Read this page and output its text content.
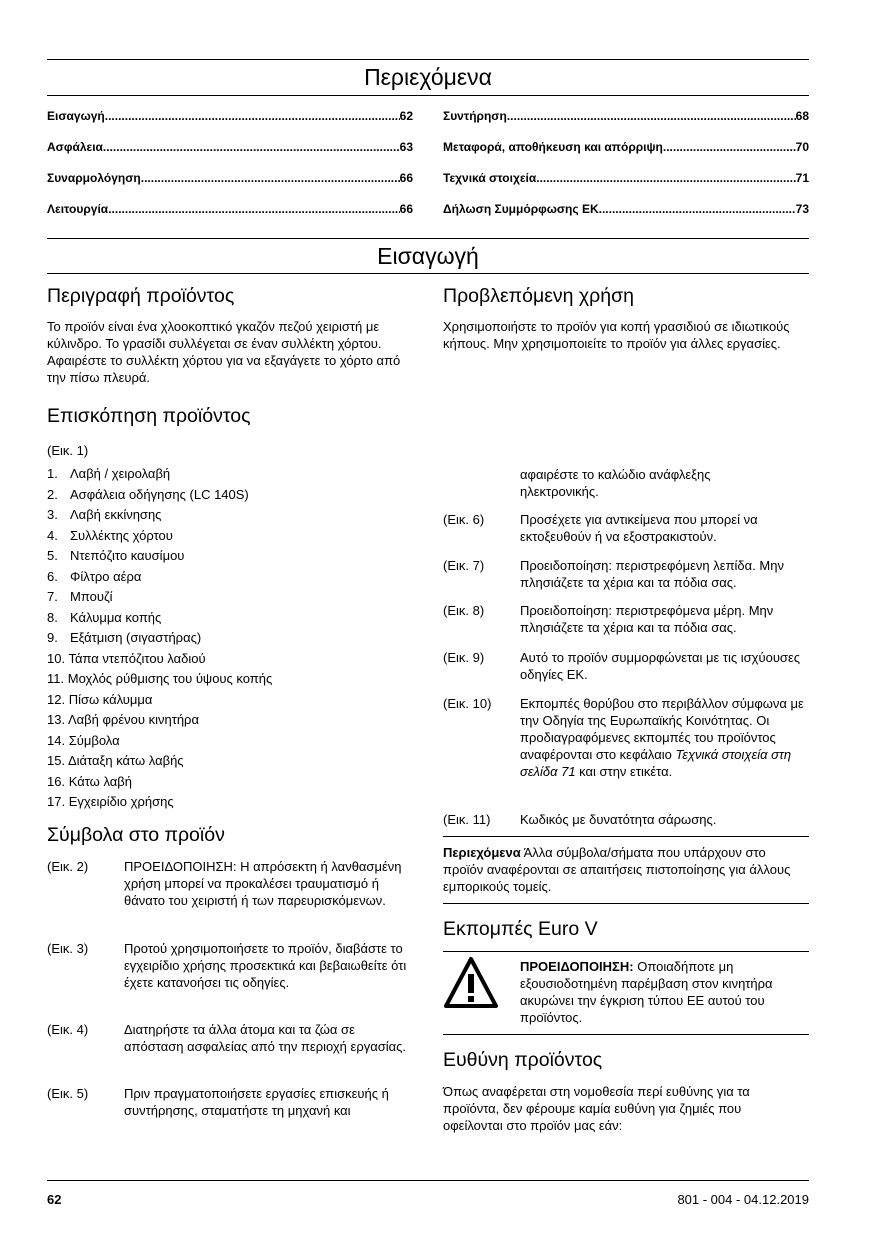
Περιεχόμενα
Εισαγωγή .....	62
Ασφάλεια .....	63
Συναρμολόγηση .....	66
Λειτουργία .....	66
Συντήρηση .....	68
Μεταφορά, αποθήκευση και απόρριψη .....	70
Τεχνικά στοιχεία .....	71
Δήλωση Συμμόρφωσης ΕΚ .....	73
Εισαγωγή
Περιγραφή προϊόντος

Το προϊόν είναι ένα χλοοκοπτικό γκαζόν πεζού χειριστή με κύλινδρο. Το γρασίδι συλλέγεται σε έναν συλλέκτη χόρτου. Αφαιρέστε το συλλέκτη χόρτου για να εξαγάγετε το χόρτο από την πίσω πλευρά.

Επισκόπηση προϊόντος
(Εικ. 1)
1. Λαβή / χειρολαβή
2. Ασφάλεια οδήγησης (LC 140S)
3. Λαβή εκκίνησης
4. Συλλέκτης χόρτου
5. Ντεπόζιτο καυσίμου
6. Φίλτρο αέρα
7. Μπουζί
8. Κάλυμμα κοπής
9. Εξάτμιση (σιγαστήρας)
10. Τάπα ντεπόζιτου λαδιού
11. Μοχλός ρύθμισης του ύψους κοπής
12. Πίσω κάλυμμα
13. Λαβή φρένου κινητήρα
14. Σύμβολα
15. Διάταξη κάτω λαβής
16. Κάτω λαβή
17. Εγχειρίδιο χρήσης
Σύμβολα στο προϊόν
(Εικ. 2)	ΠΡΟΕΙΔΟΠΟΙΗΣΗ: Η απρόσεκτη ή λανθασμένη χρήση μπορεί να προκαλέσει τραυματισμό ή θάνατο του χειριστή ή των παρευρισκόμενων.
(Εικ. 3)	Προτού χρησιμοποιήσετε το προϊόν, διαβάστε το εγχειρίδιο χρήσης προσεκτικά και βεβαιωθείτε ότι έχετε κατανοήσει τις οδηγίες.
(Εικ. 4)	Διατηρήστε τα άλλα άτομα και τα ζώα σε απόσταση ασφαλείας από την περιοχή εργασίας.
(Εικ. 5)	Πριν πραγματοποιήσετε εργασίες επισκευής ή συντήρησης, σταματήστε τη μηχανή και
Προβλεπόμενη χρήση

Χρησιμοποιήστε το προϊόν για κοπή γρασιδιού σε ιδιωτικούς κήπους. Μην χρησιμοποιείτε το προϊόν για άλλες εργασίες.

αφαιρέστε το καλώδιο ανάφλεξης ηλεκτρονικής.

(Εικ. 6)	Προσέχετε για αντικείμενα που μπορεί να εκτοξευθούν ή να εξοστρακιστούν.
(Εικ. 7)	Προειδοποίηση: περιστρεφόμενη λεπίδα. Μην πλησιάζετε τα χέρια και τα πόδια σας.
(Εικ. 8)	Προειδοποίηση: περιστρεφόμενα μέρη. Μην πλησιάζετε τα χέρια και τα πόδια σας.
(Εικ. 9)	Αυτό το προϊόν συμμορφώνεται με τις ισχύουσες οδηγίες ΕΚ.
(Εικ. 10) Εκπομπές θορύβου στο περιβάλλον σύμφωνα με την Οδηγία της Ευρωπαϊκής Κοινότητας. Οι προδιαγραφόμενες εκπομπές του προϊόντος αναφέρονται στο κεφάλαιο Τεχνικά στοιχεία στη σελίδα 71 και στην ετικέτα.
(Εικ. 11) Κωδικός με δυνατότητα σάρωσης.

Περιεχόμενα Άλλα σύμβολα/σήματα που υπάρχουν στο προϊόν αναφέρονται σε απαιτήσεις πιστοποίησης για άλλους εμπορικούς τομείς.

Εκπομπές Euro V

ΠΡΟΕΙΔΟΠΟΙΗΣΗ: Οποιαδήποτε μη εξουσιοδοτημένη παρέμβαση στον κινητήρα ακυρώνει την έγκριση τύπου ΕΕ αυτού του προϊόντος.

Ευθύνη προϊόντος

Όπως αναφέρεται στη νομοθεσία περί ευθύνης για τα προϊόντα, δεν φέρουμε καμία ευθύνη για ζημιές που οφείλονται στο προϊόν μας εάν:

62	801 - 004 - 04.12.2019
